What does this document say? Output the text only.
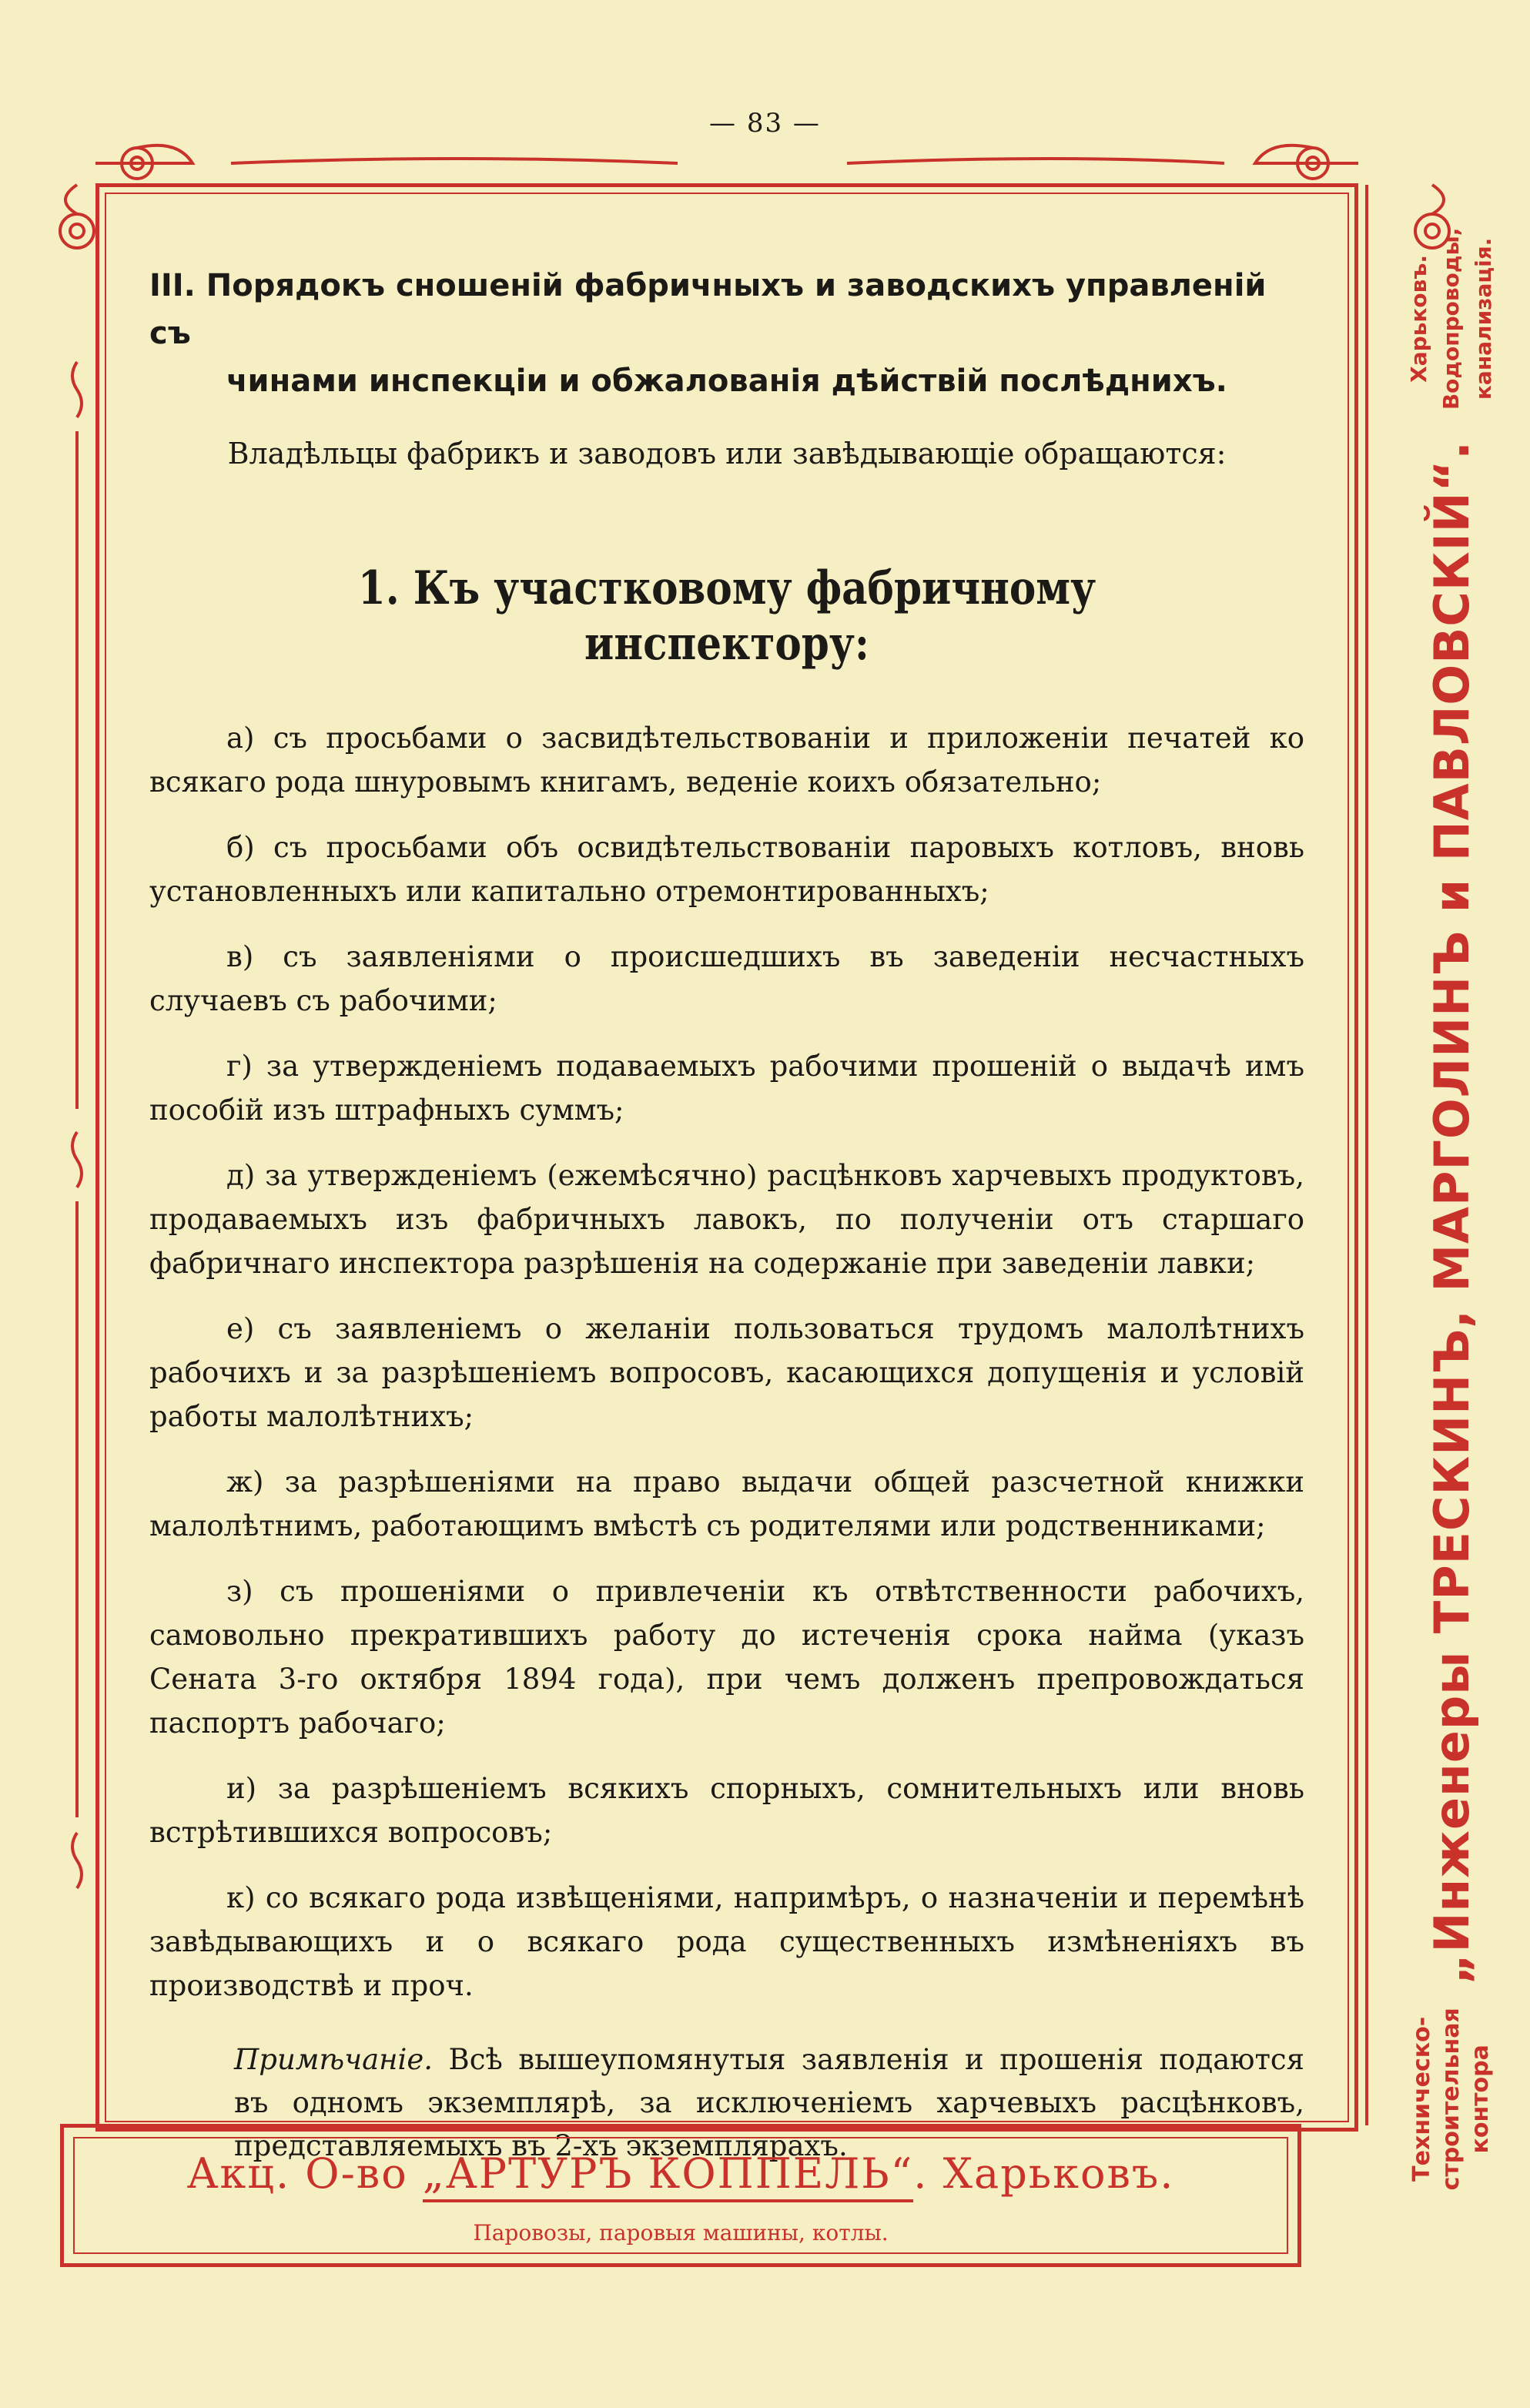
— 83 —
III. Порядокъ сношеній фабричныхъ и заводскихъ управленій съ
чинами инспекціи и обжалованія дѣйствій послѣднихъ.

Владѣльцы фабрикъ и заводовъ или завѣдывающіе обращаются:

1. Къ участковому фабричному инспектору:
а) съ просьбами о засвидѣтельствованіи и приложеніи печатей ко всякаго рода шнуровымъ книгамъ, веденіе коихъ обязательно;
б) съ просьбами объ освидѣтельствованіи паровыхъ котловъ, вновь установленныхъ или капитально отремонтированныхъ;
в) съ заявленіями о происшедшихъ въ заведеніи несчастныхъ случаевъ съ рабочими;
г) за утвержденіемъ подаваемыхъ рабочими прошеній о выдачѣ имъ пособій изъ штрафныхъ суммъ;
д) за утвержденіемъ (ежемѣсячно) расцѣнковъ харчевыхъ продуктовъ, продаваемыхъ изъ фабричныхъ лавокъ, по полученіи отъ старшаго фабричнаго инспектора разрѣшенія на содержаніе при заведеніи лавки;
е) съ заявленіемъ о желаніи пользоваться трудомъ малолѣтнихъ рабочихъ и за разрѣшеніемъ вопросовъ, касающихся допущенія и условій работы малолѣтнихъ;
ж) за разрѣшеніями на право выдачи общей разсчетной книжки малолѣтнимъ, работающимъ вмѣстѣ съ родителями или родственниками;
з) съ прошеніями о привлеченіи къ отвѣтственности рабочихъ, самовольно прекратившихъ работу до истеченія срока найма (указъ Сената 3-го октября 1894 года), при чемъ долженъ препровождаться паспортъ рабочаго;
и) за разрѣшеніемъ всякихъ спорныхъ, сомнительныхъ или вновь встрѣтившихся вопросовъ;
к) со всякаго рода извѣщеніями, напримѣръ, о назначеніи и перемѣнѣ завѣдывающихъ и о всякаго рода существенныхъ измѣненіяхъ въ производствѣ и проч.

Примѣчаніе. Всѣ вышеупомянутыя заявленія и прошенія подаются въ одномъ экземплярѣ, за исключеніемъ харчевыхъ расцѣнковъ, представляемыхъ въ 2-хъ экземплярахъ.	Техническо-строительная контора
„Инженеры ТРЕСКИНЪ, МАРГОЛИНЪ и ПАВЛОВСКІЙ“.
Харьковъ. Водопроводы, канализація.
Акц. О-во „АРТУРЪ КОППЕЛЬ“. Харьковъ.
Паровозы, паровыя машины, котлы.
